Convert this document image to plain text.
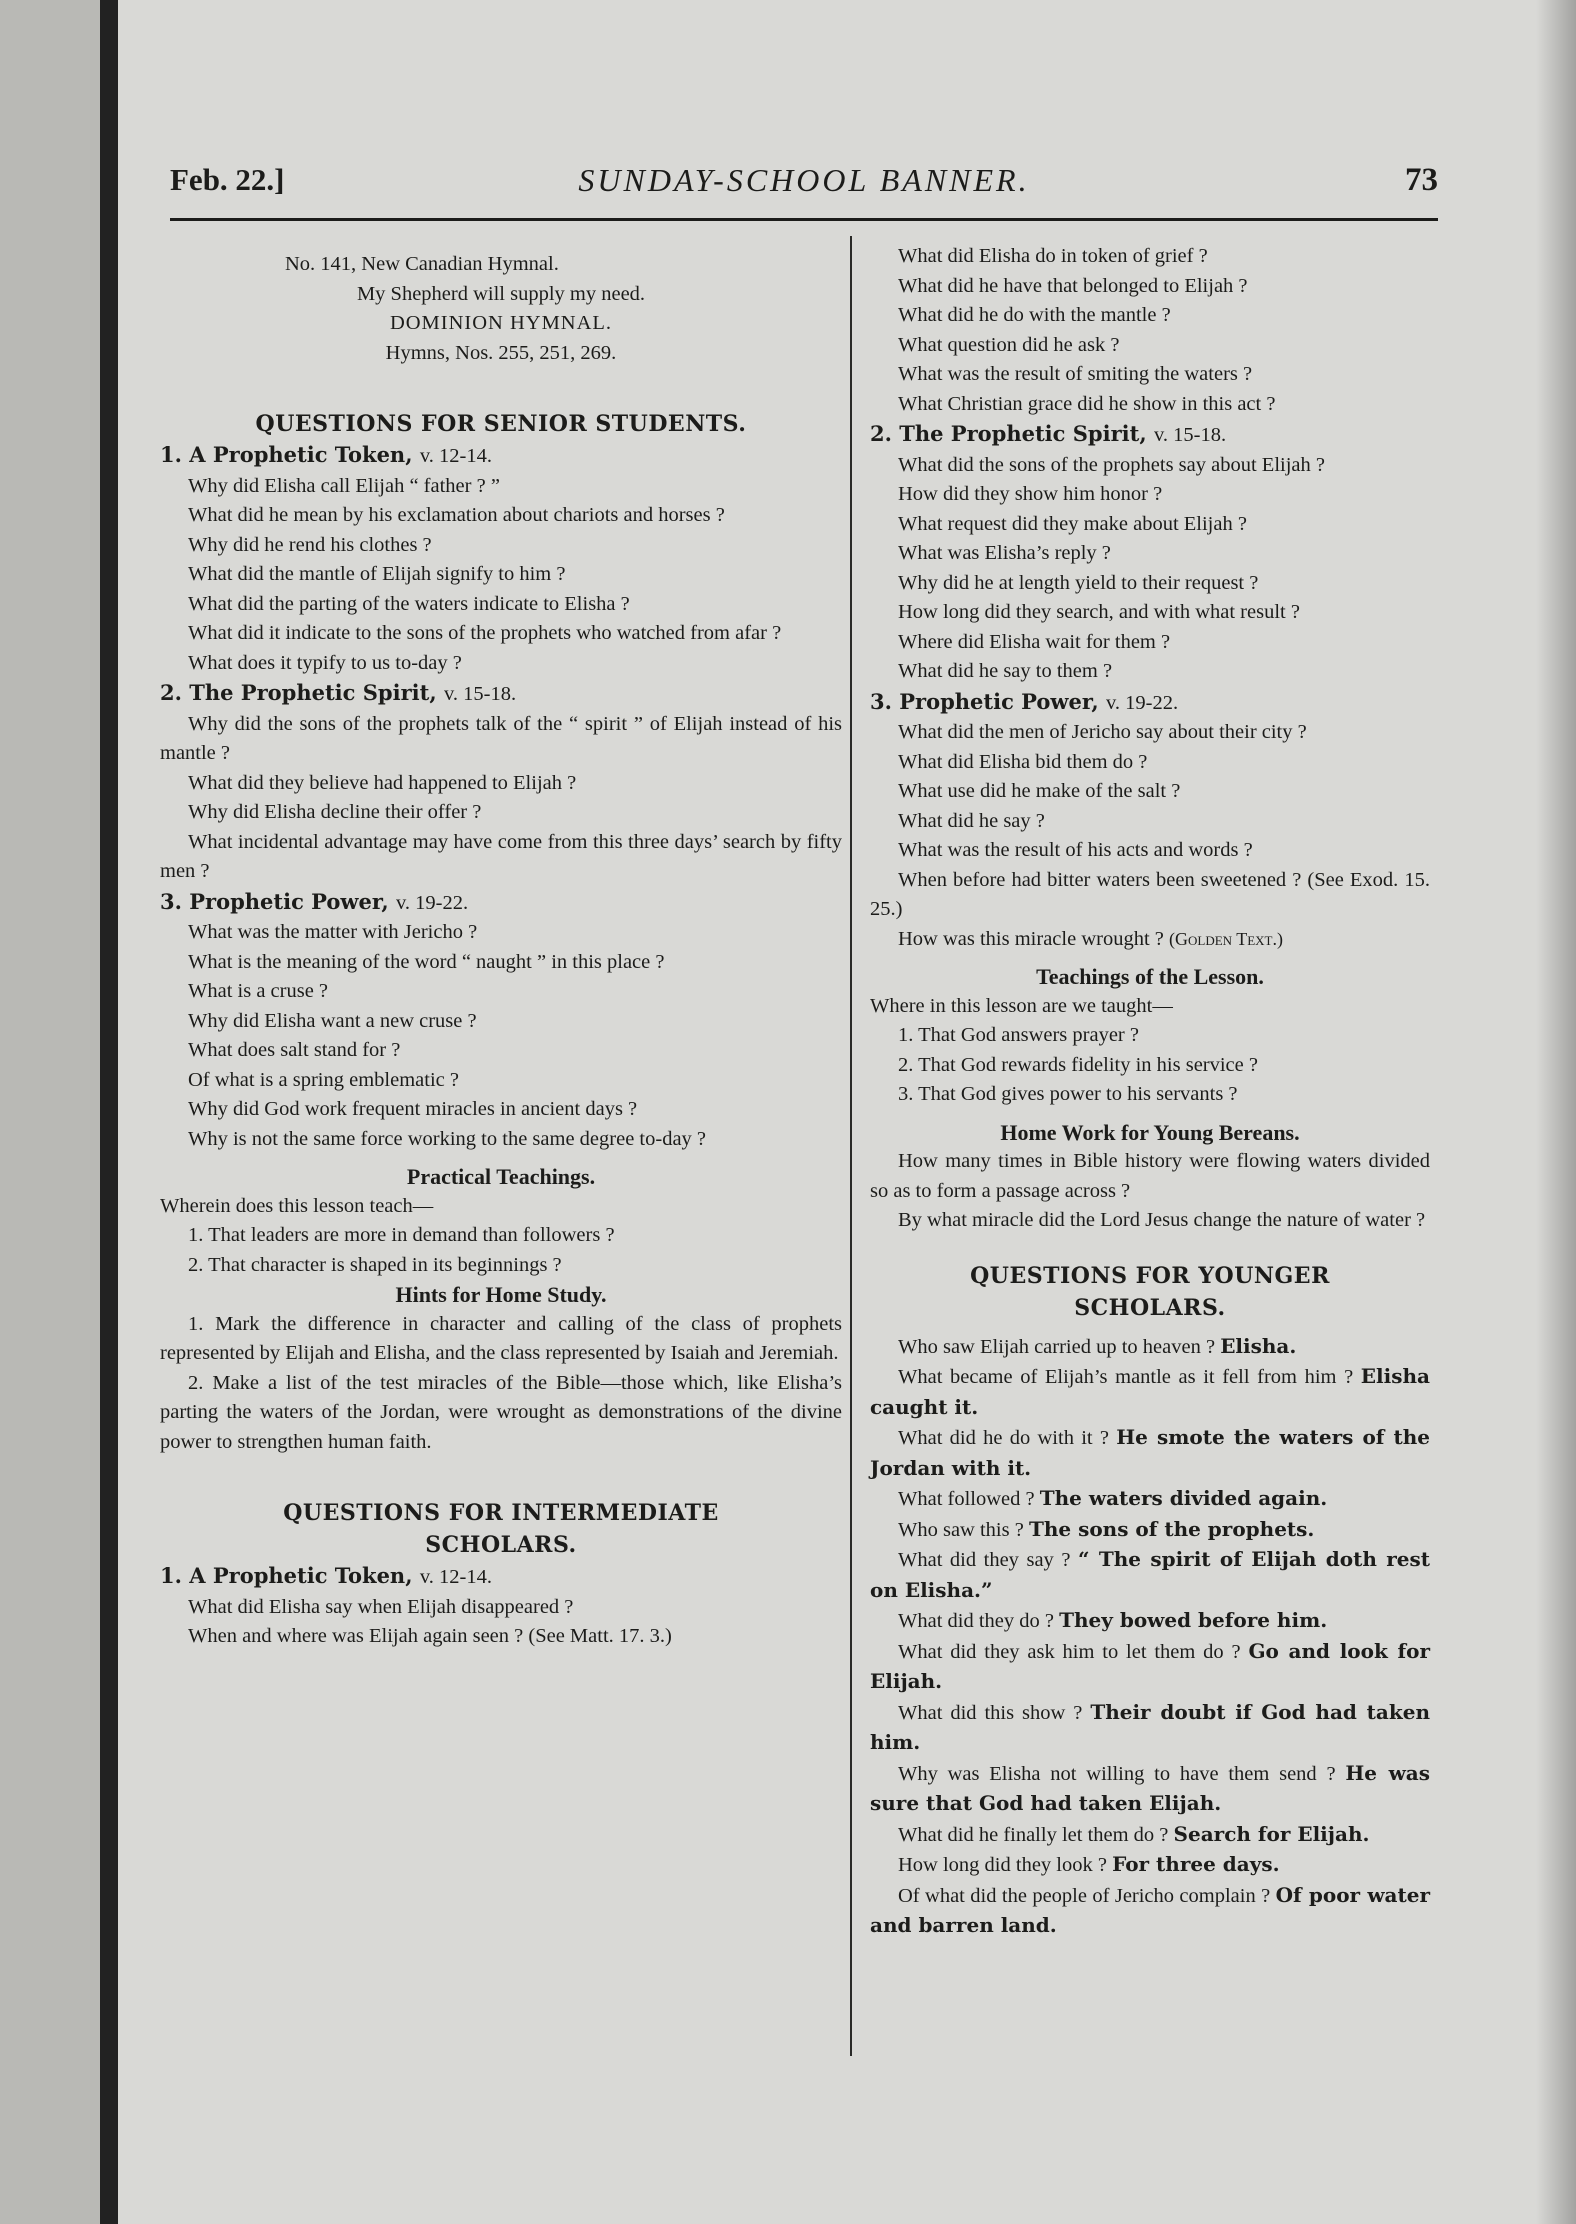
Feb. 22.]	SUNDAY-SCHOOL BANNER.	73

No. 141, New Canadian Hymnal.

My Shepherd will supply my need.

DOMINION HYMNAL.

Hymns, Nos. 255, 251, 269.

QUESTIONS FOR SENIOR STUDENTS.

1. A Prophetic Token, v. 12-14.

Why did Elisha call Elijah “ father ? ”

What did he mean by his exclamation about chariots and horses ?

Why did he rend his clothes ?

What did the mantle of Elijah signify to him ?

What did the parting of the waters indicate to Elisha ?

What did it indicate to the sons of the prophets who watched from afar ?

What does it typify to us to-day ?

2. The Prophetic Spirit, v. 15-18.

Why did the sons of the prophets talk of the “ spirit ” of Elijah instead of his mantle ?

What did they believe had happened to Elijah ?

Why did Elisha decline their offer ?

What incidental advantage may have come from this three days’ search by fifty men ?

3. Prophetic Power, v. 19-22.

What was the matter with Jericho ?

What is the meaning of the word “ naught ” in this place ?

What is a cruse ?

Why did Elisha want a new cruse ?

What does salt stand for ?

Of what is a spring emblematic ?

Why did God work frequent miracles in ancient days ?

Why is not the same force working to the same degree to-day ?

Practical Teachings.

Wherein does this lesson teach—

1. That leaders are more in demand than followers ?

2. That character is shaped in its beginnings ?

Hints for Home Study.

1. Mark the difference in character and calling of the class of prophets represented by Elijah and Elisha, and the class represented by Isaiah and Jeremiah.

2. Make a list of the test miracles of the Bible—those which, like Elisha’s parting the waters of the Jordan, were wrought as demonstrations of the divine power to strengthen human faith.

QUESTIONS FOR INTERMEDIATE

SCHOLARS.

1. A Prophetic Token, v. 12-14.

What did Elisha say when Elijah disappeared ?

When and where was Elijah again seen ? (See Matt. 17. 3.)

What did Elisha do in token of grief ?

What did he have that belonged to Elijah ?

What did he do with the mantle ?

What question did he ask ?

What was the result of smiting the waters ?

What Christian grace did he show in this act ?

2. The Prophetic Spirit, v. 15-18.

What did the sons of the prophets say about Elijah ?

How did they show him honor ?

What request did they make about Elijah ?

What was Elisha’s reply ?

Why did he at length yield to their request ?

How long did they search, and with what result ?

Where did Elisha wait for them ?

What did he say to them ?

3. Prophetic Power, v. 19-22.

What did the men of Jericho say about their city ?

What did Elisha bid them do ?

What use did he make of the salt ?

What did he say ?

What was the result of his acts and words ?

When before had bitter waters been sweetened ? (See Exod. 15. 25.)

How was this miracle wrought ? (Golden Text.)

Teachings of the Lesson.

Where in this lesson are we taught—

1. That God answers prayer ?

2. That God rewards fidelity in his service ?

3. That God gives power to his servants ?

Home Work for Young Bereans.

How many times in Bible history were flowing waters divided so as to form a passage across ?

By what miracle did the Lord Jesus change the nature of water ?

QUESTIONS FOR YOUNGER

SCHOLARS.

Who saw Elijah carried up to heaven ? Elisha.

What became of Elijah’s mantle as it fell from him ? Elisha caught it.

What did he do with it ? He smote the waters of the Jordan with it.

What followed ? The waters divided again.

Who saw this ? The sons of the prophets.

What did they say ? “ The spirit of Elijah doth rest on Elisha.”

What did they do ? They bowed before him.

What did they ask him to let them do ? Go and look for Elijah.

What did this show ? Their doubt if God had taken him.

Why was Elisha not willing to have them send ? He was sure that God had taken Elijah.

What did he finally let them do ? Search for Elijah.

How long did they look ? For three days.

Of what did the people of Jericho complain ? Of poor water and barren land.
